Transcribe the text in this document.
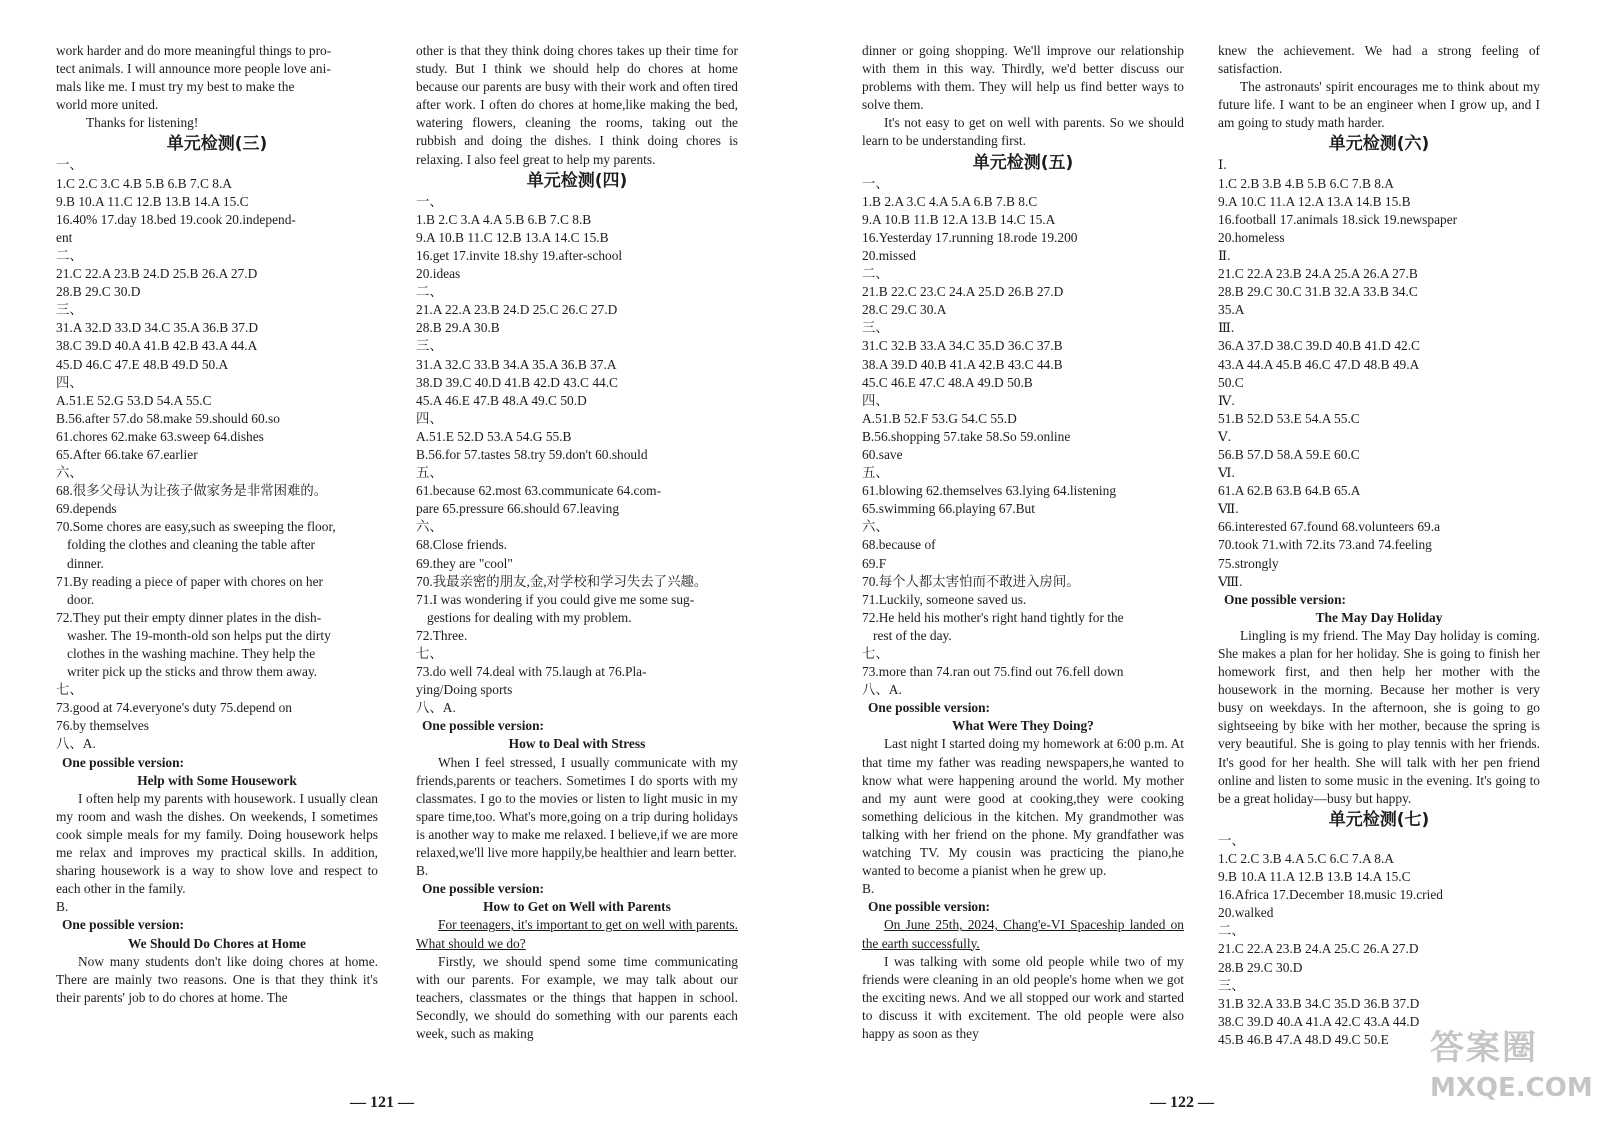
work harder and do more meaningful things to pro-
tect animals. I will announce more people love ani-
mals like me. I must try my best to make the
world more united.
Thanks for listening!
单元检测(三)
一、
1.C 2.C 3.C 4.B 5.B 6.B 7.C 8.A
9.B 10.A 11.C 12.B 13.B 14.A 15.C
16.40% 17.day 18.bed 19.cook 20.independ-
ent
二、
21.C 22.A 23.B 24.D 25.B 26.A 27.D
28.B 29.C 30.D
三、
31.A 32.D 33.D 34.C 35.A 36.B 37.D
38.C 39.D 40.A 41.B 42.B 43.A 44.A
45.D 46.C 47.E 48.B 49.D 50.A
四、
A.51.E 52.G 53.D 54.A 55.C
B.56.after 57.do 58.make 59.should 60.so
61.chores 62.make 63.sweep 64.dishes
65.After 66.take 67.earlier
六、
68.很多父母认为让孩子做家务是非常困难的。
69.depends
70.Some chores are easy,such as sweeping the floor,
folding the clothes and cleaning the table after
dinner.
71.By reading a piece of paper with chores on her
door.
72.They put their empty dinner plates in the dish-
washer. The 19-month-old son helps put the dirty
clothes in the washing machine. They help the
writer pick up the sticks and throw them away.
七、
73.good at 74.everyone's duty 75.depend on
76.by themselves
八、A.
One possible version:
Help with Some Housework
I often help my parents with housework. I usually clean my room and wash the dishes. On weekends, I sometimes cook simple meals for my family. Doing housework helps me relax and improves my practical skills. In addition, sharing housework is a way to show love and respect to each other in the family.
B.
One possible version:
We Should Do Chores at Home
Now many students don't like doing chores at home. There are mainly two reasons. One is that they think it's their parents' job to do chores at home. The
other is that they think doing chores takes up their time for study. But I think we should help do chores at home because our parents are busy with their work and often tired after work. I often do chores at home,like making the bed, watering flowers, cleaning the rooms, taking out the rubbish and doing the dishes. I think doing chores is relaxing. I also feel great to help my parents.
单元检测(四)
一、
1.B 2.C 3.A 4.A 5.B 6.B 7.C 8.B
9.A 10.B 11.C 12.B 13.A 14.C 15.B
16.get 17.invite 18.shy 19.after-school
20.ideas
二、
21.A 22.A 23.B 24.D 25.C 26.C 27.D
28.B 29.A 30.B
三、
31.A 32.C 33.B 34.A 35.A 36.B 37.A
38.D 39.C 40.D 41.B 42.D 43.C 44.C
45.A 46.E 47.B 48.A 49.C 50.D
四、
A.51.E 52.D 53.A 54.G 55.B
B.56.for 57.tastes 58.try 59.don't 60.should
五、
61.because 62.most 63.communicate 64.com-
pare 65.pressure 66.should 67.leaving
六、
68.Close friends.
69.they are "cool"
70.我最亲密的朋友,金,对学校和学习失去了兴趣。
71.I was wondering if you could give me some sug-
gestions for dealing with my problem.
72.Three.
七、
73.do well 74.deal with 75.laugh at 76.Pla-
ying/Doing sports
八、A.
One possible version:
How to Deal with Stress
When I feel stressed, I usually communicate with my friends,parents or teachers. Sometimes I do sports with my classmates. I go to the movies or listen to light music in my spare time,too. What's more,going on a trip during holidays is another way to make me relaxed. I believe,if we are more relaxed,we'll live more happily,be healthier and learn better.
B.
One possible version:
How to Get on Well with Parents
For teenagers, it's important to get on well with parents. What should we do?
Firstly, we should spend some time communicating with our parents. For example, we may talk about our teachers, classmates or the things that happen in school. Secondly, we should do something with our parents each week, such as making
dinner or going shopping. We'll improve our relationship with them in this way. Thirdly, we'd better discuss our problems with them. They will help us find better ways to solve them.
It's not easy to get on well with parents. So we should learn to be understanding first.
单元检测(五)
一、
1.B 2.A 3.C 4.A 5.A 6.B 7.B 8.C
9.A 10.B 11.B 12.A 13.B 14.C 15.A
16.Yesterday 17.running 18.rode 19.200
20.missed
二、
21.B 22.C 23.C 24.A 25.D 26.B 27.D
28.C 29.C 30.A
三、
31.C 32.B 33.A 34.C 35.D 36.C 37.B
38.A 39.D 40.B 41.A 42.B 43.C 44.B
45.C 46.E 47.C 48.A 49.D 50.B
四、
A.51.B 52.F 53.G 54.C 55.D
B.56.shopping 57.take 58.So 59.online
60.save
五、
61.blowing 62.themselves 63.lying 64.listening
65.swimming 66.playing 67.But
六、
68.because of
69.F
70.每个人都太害怕而不敢进入房间。
71.Luckily, someone saved us.
72.He held his mother's right hand tightly for the
rest of the day.
七、
73.more than 74.ran out 75.find out 76.fell down
八、A.
One possible version:
What Were They Doing?
Last night I started doing my homework at 6:00 p.m. At that time my father was reading newspapers,he wanted to know what were happening around the world. My mother and my aunt were good at cooking,they were cooking something delicious in the kitchen. My grandmother was talking with her friend on the phone. My grandfather was watching TV. My cousin was practicing the piano,he wanted to become a pianist when he grew up.
B.
One possible version:
On June 25th, 2024, Chang'e-VI Spaceship landed on the earth successfully.
I was talking with some old people while two of my friends were cleaning in an old people's home when we got the exciting news. And we all stopped our work and started to discuss it with excitement. The old people were also happy as soon as they
knew the achievement. We had a strong feeling of satisfaction.
The astronauts' spirit encourages me to think about my future life. I want to be an engineer when I grow up, and I am going to study math harder.
单元检测(六)
Ⅰ.
1.C 2.B 3.B 4.B 5.B 6.C 7.B 8.A
9.A 10.C 11.A 12.A 13.A 14.B 15.B
16.football 17.animals 18.sick 19.newspaper
20.homeless
Ⅱ.
21.C 22.A 23.B 24.A 25.A 26.A 27.B
28.B 29.C 30.C 31.B 32.A 33.B 34.C
35.A
Ⅲ.
36.A 37.D 38.C 39.D 40.B 41.D 42.C
43.A 44.A 45.B 46.C 47.D 48.B 49.A
50.C
Ⅳ.
51.B 52.D 53.E 54.A 55.C
Ⅴ.
56.B 57.D 58.A 59.E 60.C
Ⅵ.
61.A 62.B 63.B 64.B 65.A
Ⅶ.
66.interested 67.found 68.volunteers 69.a
70.took 71.with 72.its 73.and 74.feeling
75.strongly
Ⅷ.
One possible version:
The May Day Holiday
Lingling is my friend. The May Day holiday is coming. She makes a plan for her holiday. She is going to finish her homework first, and then help her mother with the housework in the morning. Because her mother is very busy on weekdays. In the afternoon, she is going to go sightseeing by bike with her mother, because the spring is very beautiful. She is going to play tennis with her friends. It's good for her health. She will talk with her pen friend online and listen to some music in the evening. It's going to be a great holiday—busy but happy.
单元检测(七)
一、
1.C 2.C 3.B 4.A 5.C 6.C 7.A 8.A
9.B 10.A 11.A 12.B 13.B 14.A 15.C
16.Africa 17.December 18.music 19.cried
20.walked
二、
21.C 22.A 23.B 24.A 25.C 26.A 27.D
28.B 29.C 30.D
三、
31.B 32.A 33.B 34.C 35.D 36.B 37.D
38.C 39.D 40.A 41.A 42.C 43.A 44.D
45.B 46.B 47.A 48.D 49.C 50.E
— 121 —	— 122 —
答案圈
MXQE.COM
